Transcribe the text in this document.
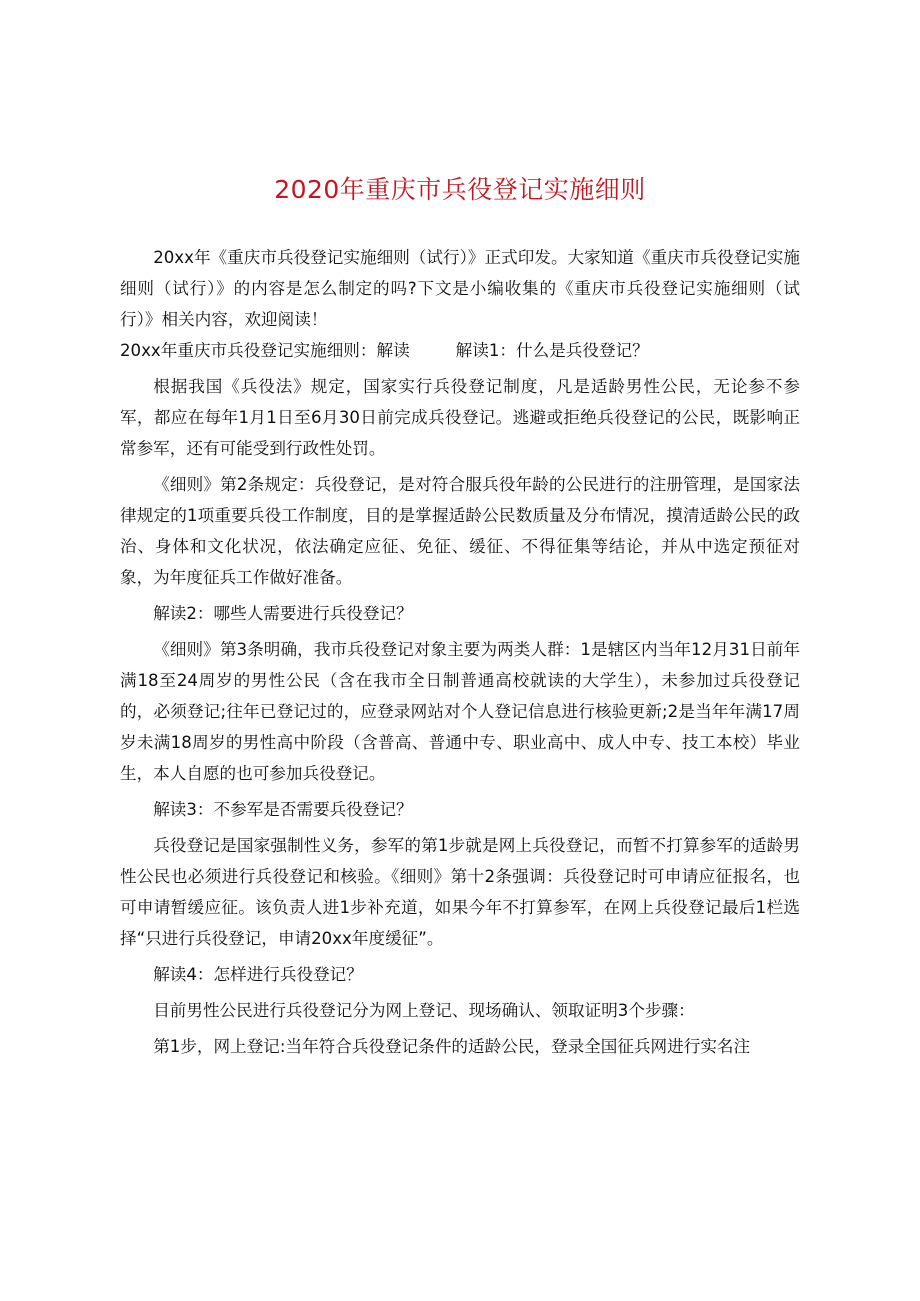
2020年重庆市兵役登记实施细则

20xx年《重庆市兵役登记实施细则（试行）》正式印发。大家知道《重庆市兵役登记实施细则（试行）》的内容是怎么制定的吗?下文是小编收集的《重庆市兵役登记实施细则（试行）》相关内容，欢迎阅读！

20xx年重庆市兵役登记实施细则：解读	解读1：什么是兵役登记？

根据我国《兵役法》规定，国家实行兵役登记制度，凡是适龄男性公民，无论参不参军，都应在每年1月1日至6月30日前完成兵役登记。逃避或拒绝兵役登记的公民，既影响正常参军，还有可能受到行政性处罚。

《细则》第2条规定：兵役登记，是对符合服兵役年龄的公民进行的注册管理，是国家法律规定的1项重要兵役工作制度，目的是掌握适龄公民数质量及分布情况，摸清适龄公民的政治、身体和文化状况，依法确定应征、免征、缓征、不得征集等结论，并从中选定预征对象，为年度征兵工作做好准备。

解读2：哪些人需要进行兵役登记？

《细则》第3条明确，我市兵役登记对象主要为两类人群：1是辖区内当年12月31日前年满18至24周岁的男性公民（含在我市全日制普通高校就读的大学生），未参加过兵役登记的，必须登记;往年已登记过的，应登录网站对个人登记信息进行核验更新;2是当年年满17周岁未满18周岁的男性高中阶段（含普高、普通中专、职业高中、成人中专、技工本校）毕业生，本人自愿的也可参加兵役登记。

解读3：不参军是否需要兵役登记？

兵役登记是国家强制性义务，参军的第1步就是网上兵役登记，而暂不打算参军的适龄男性公民也必须进行兵役登记和核验。《细则》第十2条强调：兵役登记时可申请应征报名，也可申请暂缓应征。该负责人进1步补充道，如果今年不打算参军，在网上兵役登记最后1栏选择“只进行兵役登记，申请20xx年度缓征”。

解读4：怎样进行兵役登记？

目前男性公民进行兵役登记分为网上登记、现场确认、领取证明3个步骤：

第1步，网上登记:当年符合兵役登记条件的适龄公民，登录全国征兵网进行实名注
